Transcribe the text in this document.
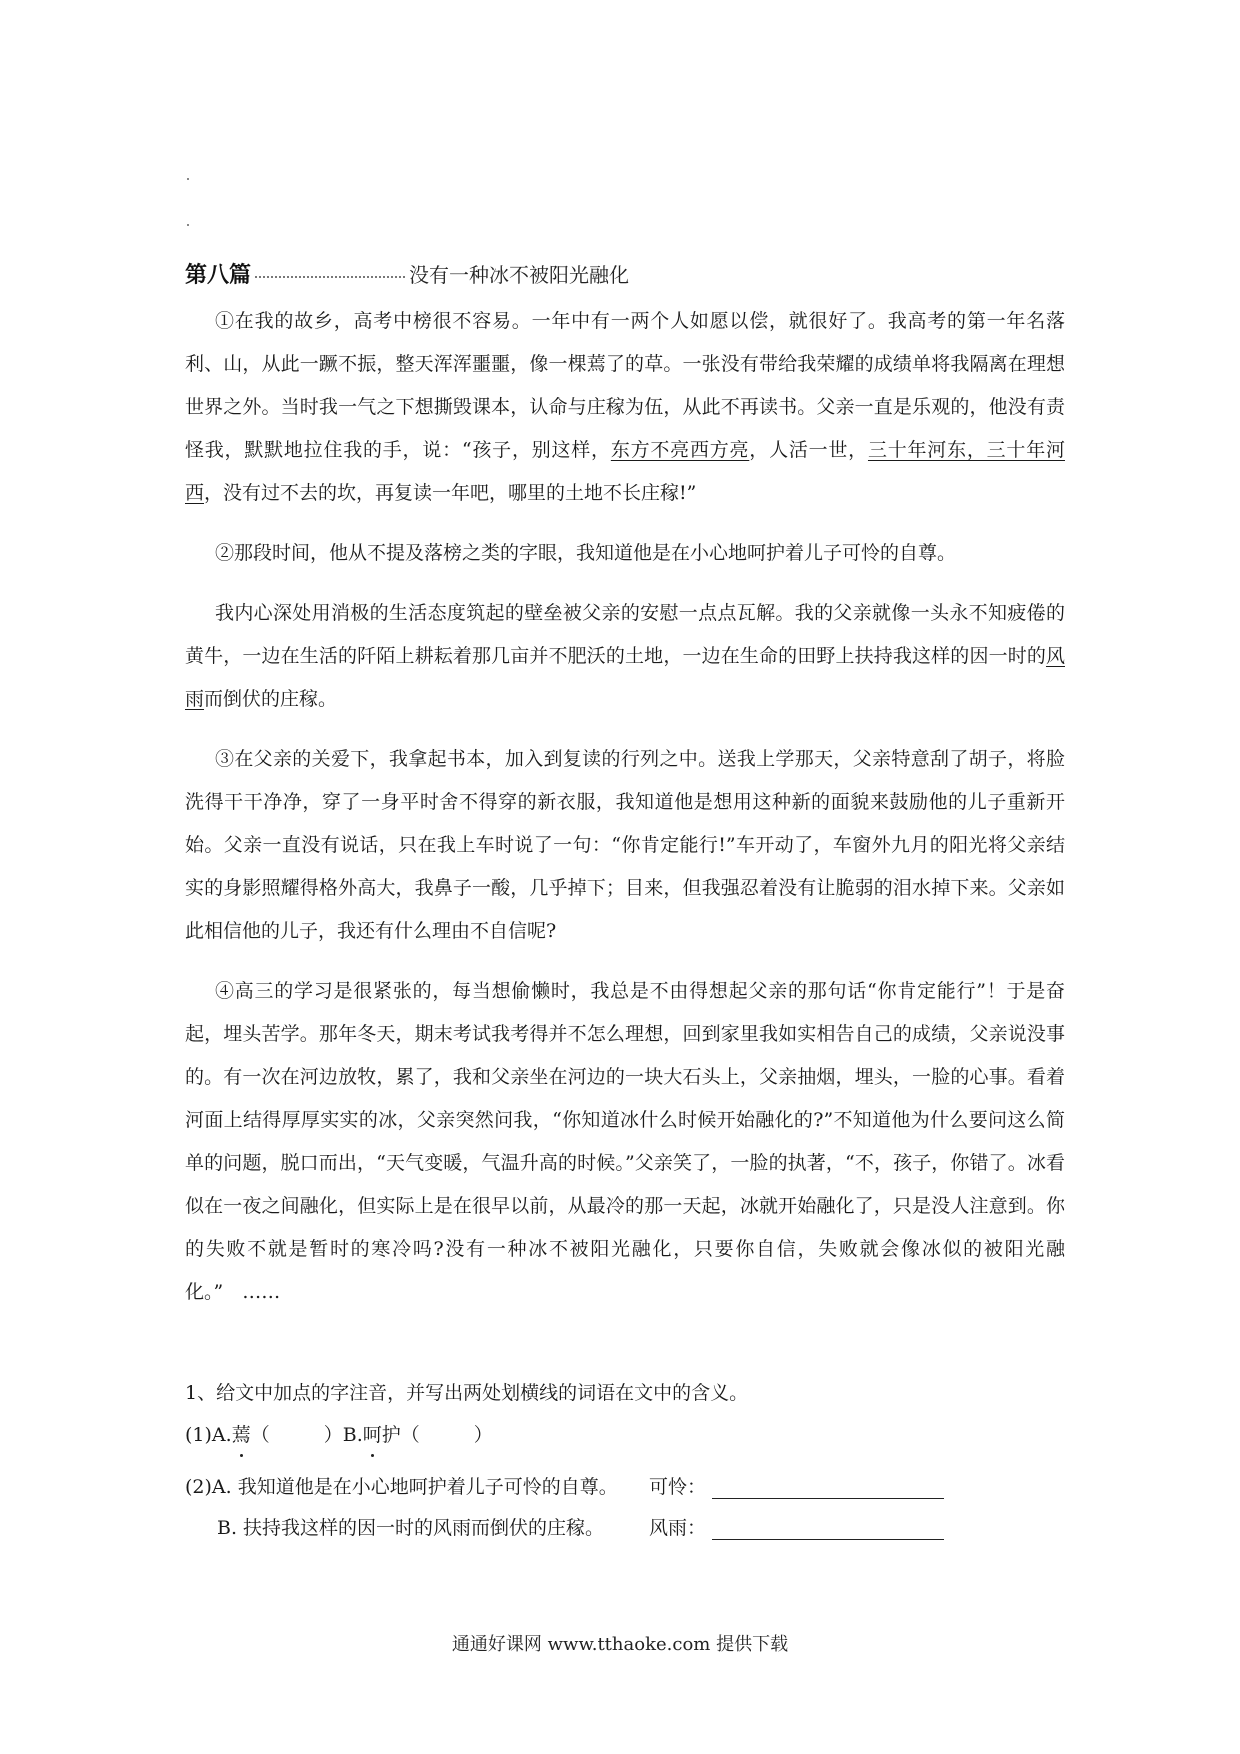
第八篇	没有一种冰不被阳光融化

①在我的故乡，高考中榜很不容易。一年中有一两个人如愿以偿，就很好了。我高考的第一年名落利、山，从此一蹶不振，整天浑浑噩噩，像一棵蔫了的草。一张没有带给我荣耀的成绩单将我隔离在理想世界之外。当时我一气之下想撕毁课本，认命与庄稼为伍，从此不再读书。父亲一直是乐观的，他没有责怪我，默默地拉住我的手，说：“孩子，别这样，东方不亮西方亮，人活一世，三十年河东，三十年河西，没有过不去的坎，再复读一年吧，哪里的土地不长庄稼!”

②那段时间，他从不提及落榜之类的字眼，我知道他是在小心地呵护着儿子可怜的自尊。

我内心深处用消极的生活态度筑起的壁垒被父亲的安慰一点点瓦解。我的父亲就像一头永不知疲倦的黄牛，一边在生活的阡陌上耕耘着那几亩并不肥沃的土地，一边在生命的田野上扶持我这样的因一时的风雨而倒伏的庄稼。

③在父亲的关爱下，我拿起书本，加入到复读的行列之中。送我上学那天，父亲特意刮了胡子，将脸洗得干干净净，穿了一身平时舍不得穿的新衣服，我知道他是想用这种新的面貌来鼓励他的儿子重新开始。父亲一直没有说话，只在我上车时说了一句：“你肯定能行!”车开动了，车窗外九月的阳光将父亲结实的身影照耀得格外高大，我鼻子一酸，几乎掉下；目来，但我强忍着没有让脆弱的泪水掉下来。父亲如此相信他的儿子，我还有什么理由不自信呢?

④高三的学习是很紧张的，每当想偷懒时，我总是不由得想起父亲的那句话“你肯定能行”！于是奋起，埋头苦学。那年冬天，期末考试我考得并不怎么理想，回到家里我如实相告自己的成绩，父亲说没事的。有一次在河边放牧，累了，我和父亲坐在河边的一块大石头上，父亲抽烟，埋头，一脸的心事。看着河面上结得厚厚实实的冰，父亲突然问我，“你知道冰什么时候开始融化的?”不知道他为什么要问这么简单的问题，脱口而出，“天气变暖，气温升高的时候。”父亲笑了，一脸的执著，“不，孩子，你错了。冰看似在一夜之间融化，但实际上是在很早以前，从最冷的那一天起，冰就开始融化了，只是没人注意到。你的失败不就是暂时的寒冷吗?没有一种冰不被阳光融化，只要你自信，失败就会像冰似的被阳光融化。”　……

1、给文中加点的字注音，并写出两处划横线的词语在文中的含义。
(1)A. 蔫 （	） B. 呵 护 （	）
(2)A. 我知道他是在小心地呵护着儿子可怜的自尊。	可怜：
B. 扶持我这样的因一时的风雨而倒伏的庄稼。	风雨：
通通好课网 www.tthaoke.com 提供下载
